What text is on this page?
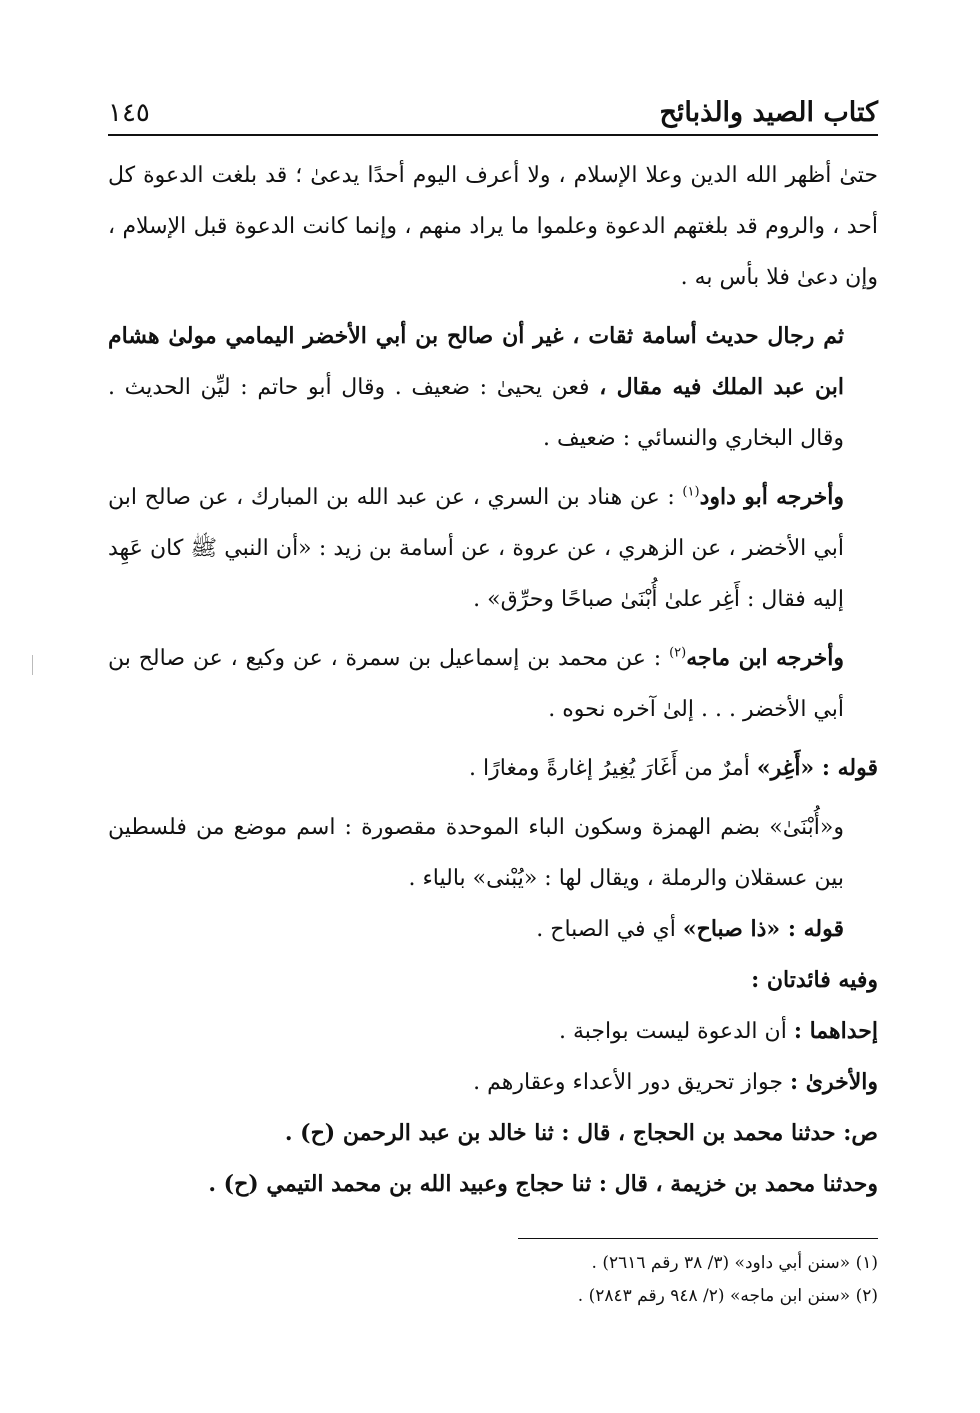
كتاب الصيد والذبائح
١٤٥

حتىٰ أظهر الله الدين وعلا الإسلام ، ولا أعرف اليوم أحدًا يدعىٰ ؛ قد بلغت الدعوة كل أحد ، والروم قد بلغتهم الدعوة وعلموا ما يراد منهم ، وإنما كانت الدعوة قبل الإسلام ، وإن دعىٰ فلا بأس به .

ثم رجال حديث أسامة ثقات ، غير أن صالح بن أبي الأخضر اليمامي مولىٰ هشام ابن عبد الملك فيه مقال ، فعن يحيىٰ : ضعيف . وقال أبو حاتم : ليِّن الحديث . وقال البخاري والنسائي : ضعيف .

وأخرجه أبو داود$^{(١)}$ : عن هناد بن السري ، عن عبد الله بن المبارك ، عن صالح ابن أبي الأخضر ، عن الزهري ، عن عروة ، عن أسامة بن زيد : «أن النبي ﷺ كان عَهِد إليه فقال : أَغِر علىٰ أُبْنَىٰ صباحًا وحرِّق» .

وأخرجه ابن ماجه$^{(٢)}$ : عن محمد بن إسماعيل بن سمرة ، عن وكيع ، عن صالح بن أبي الأخضر . . . إلىٰ آخره نحوه .

قوله : «أَغِر» أمرٌ من أَغَارَ يُغِيرُ إغارةً ومغارًا .

و«أُبْنَىٰ» بضم الهمزة وسكون الباء الموحدة مقصورة : اسم موضع من فلسطين بين عسقلان والرملة ، ويقال لها : «يُبْنى» بالياء .

قوله : «ذا صباح» أي في الصباح .

وفيه فائدتان :

إحداهما : أن الدعوة ليست بواجبة .

والأخرىٰ : جواز تحريق دور الأعداء وعقارهم .

ص: حدثنا محمد بن الحجاج ، قال : ثنا خالد بن عبد الرحمن (ح) .

وحدثنا محمد بن خزيمة ، قال : ثنا حجاج وعبيد الله بن محمد التيمي (ح) .

(١) «سنن أبي داود» (٣/ ٣٨ رقم ٢٦١٦) .

(٢) «سنن ابن ماجه» (٢/ ٩٤٨ رقم ٢٨٤٣) .
